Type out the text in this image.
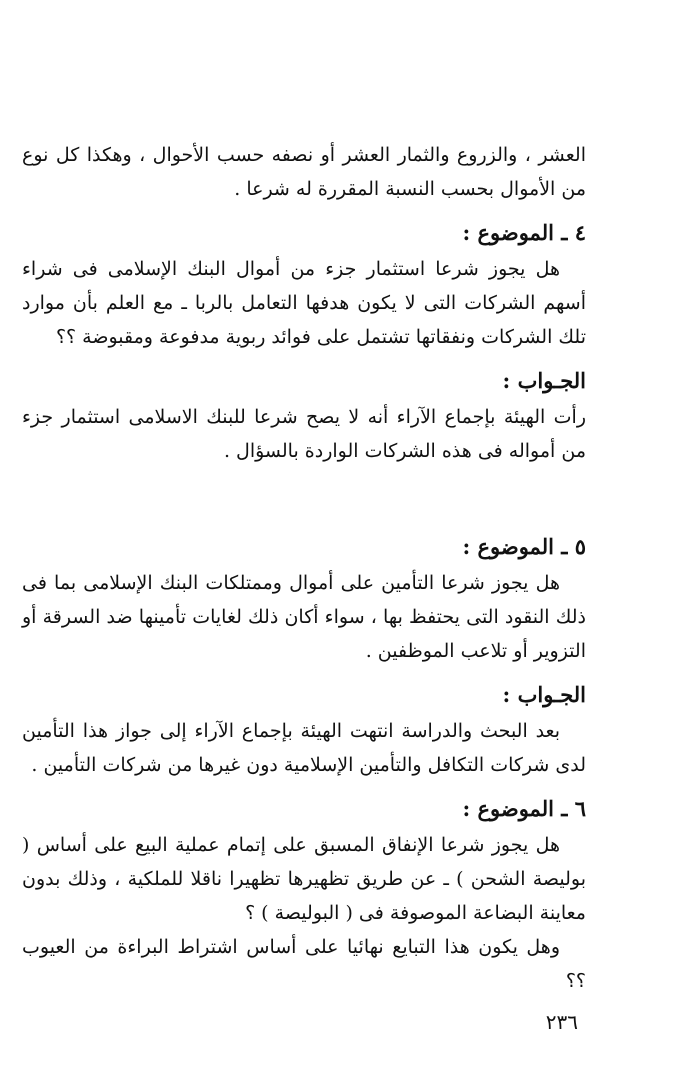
العشر ، والزروع والثمار العشر أو نصفه حسب الأحوال ، وهكذا كل نوع من الأموال بحسب النسبة المقررة له شرعا .

٤ ـ الموضوع :

هل يجوز شرعا استثمار جزء من أموال البنك الإسلامى فى شراء أسهم الشركات التى لا يكون هدفها التعامل بالربا ـ مع العلم بأن موارد تلك الشركات ونفقاتها تشتمل على فوائد ربوية مدفوعة ومقبوضة ؟؟

الجـواب :

رأت الهيئة بإجماع الآراء أنه لا يصح شرعا للبنك الاسلامى استثمار جزء من أمواله فى هذه الشركات الواردة بالسؤال .

٥ ـ الموضوع :

هل يجوز شرعا التأمين على أموال وممتلكات البنك الإسلامى بما فى ذلك النقود التى يحتفظ بها ، سواء أكان ذلك لغايات تأمينها ضد السرقة أو التزوير أو تلاعب الموظفين .

الجـواب :

بعد البحث والدراسة انتهت الهيئة بإجماع الآراء إلى جواز هذا التأمين لدى شركات التكافل والتأمين الإسلامية دون غيرها من شركات التأمين .

٦ ـ الموضوع :

هل يجوز شرعا الإنفاق المسبق على إتمام عملية البيع على أساس ( بوليصة الشحن ) ـ عن طريق تظهيرها تظهيرا ناقلا للملكية ، وذلك بدون معاينة البضاعة الموصوفة فى ( البوليصة ) ؟

وهل يكون هذا التبايع نهائيا على أساس اشتراط البراءة من العيوب ؟؟

٢٣٦
